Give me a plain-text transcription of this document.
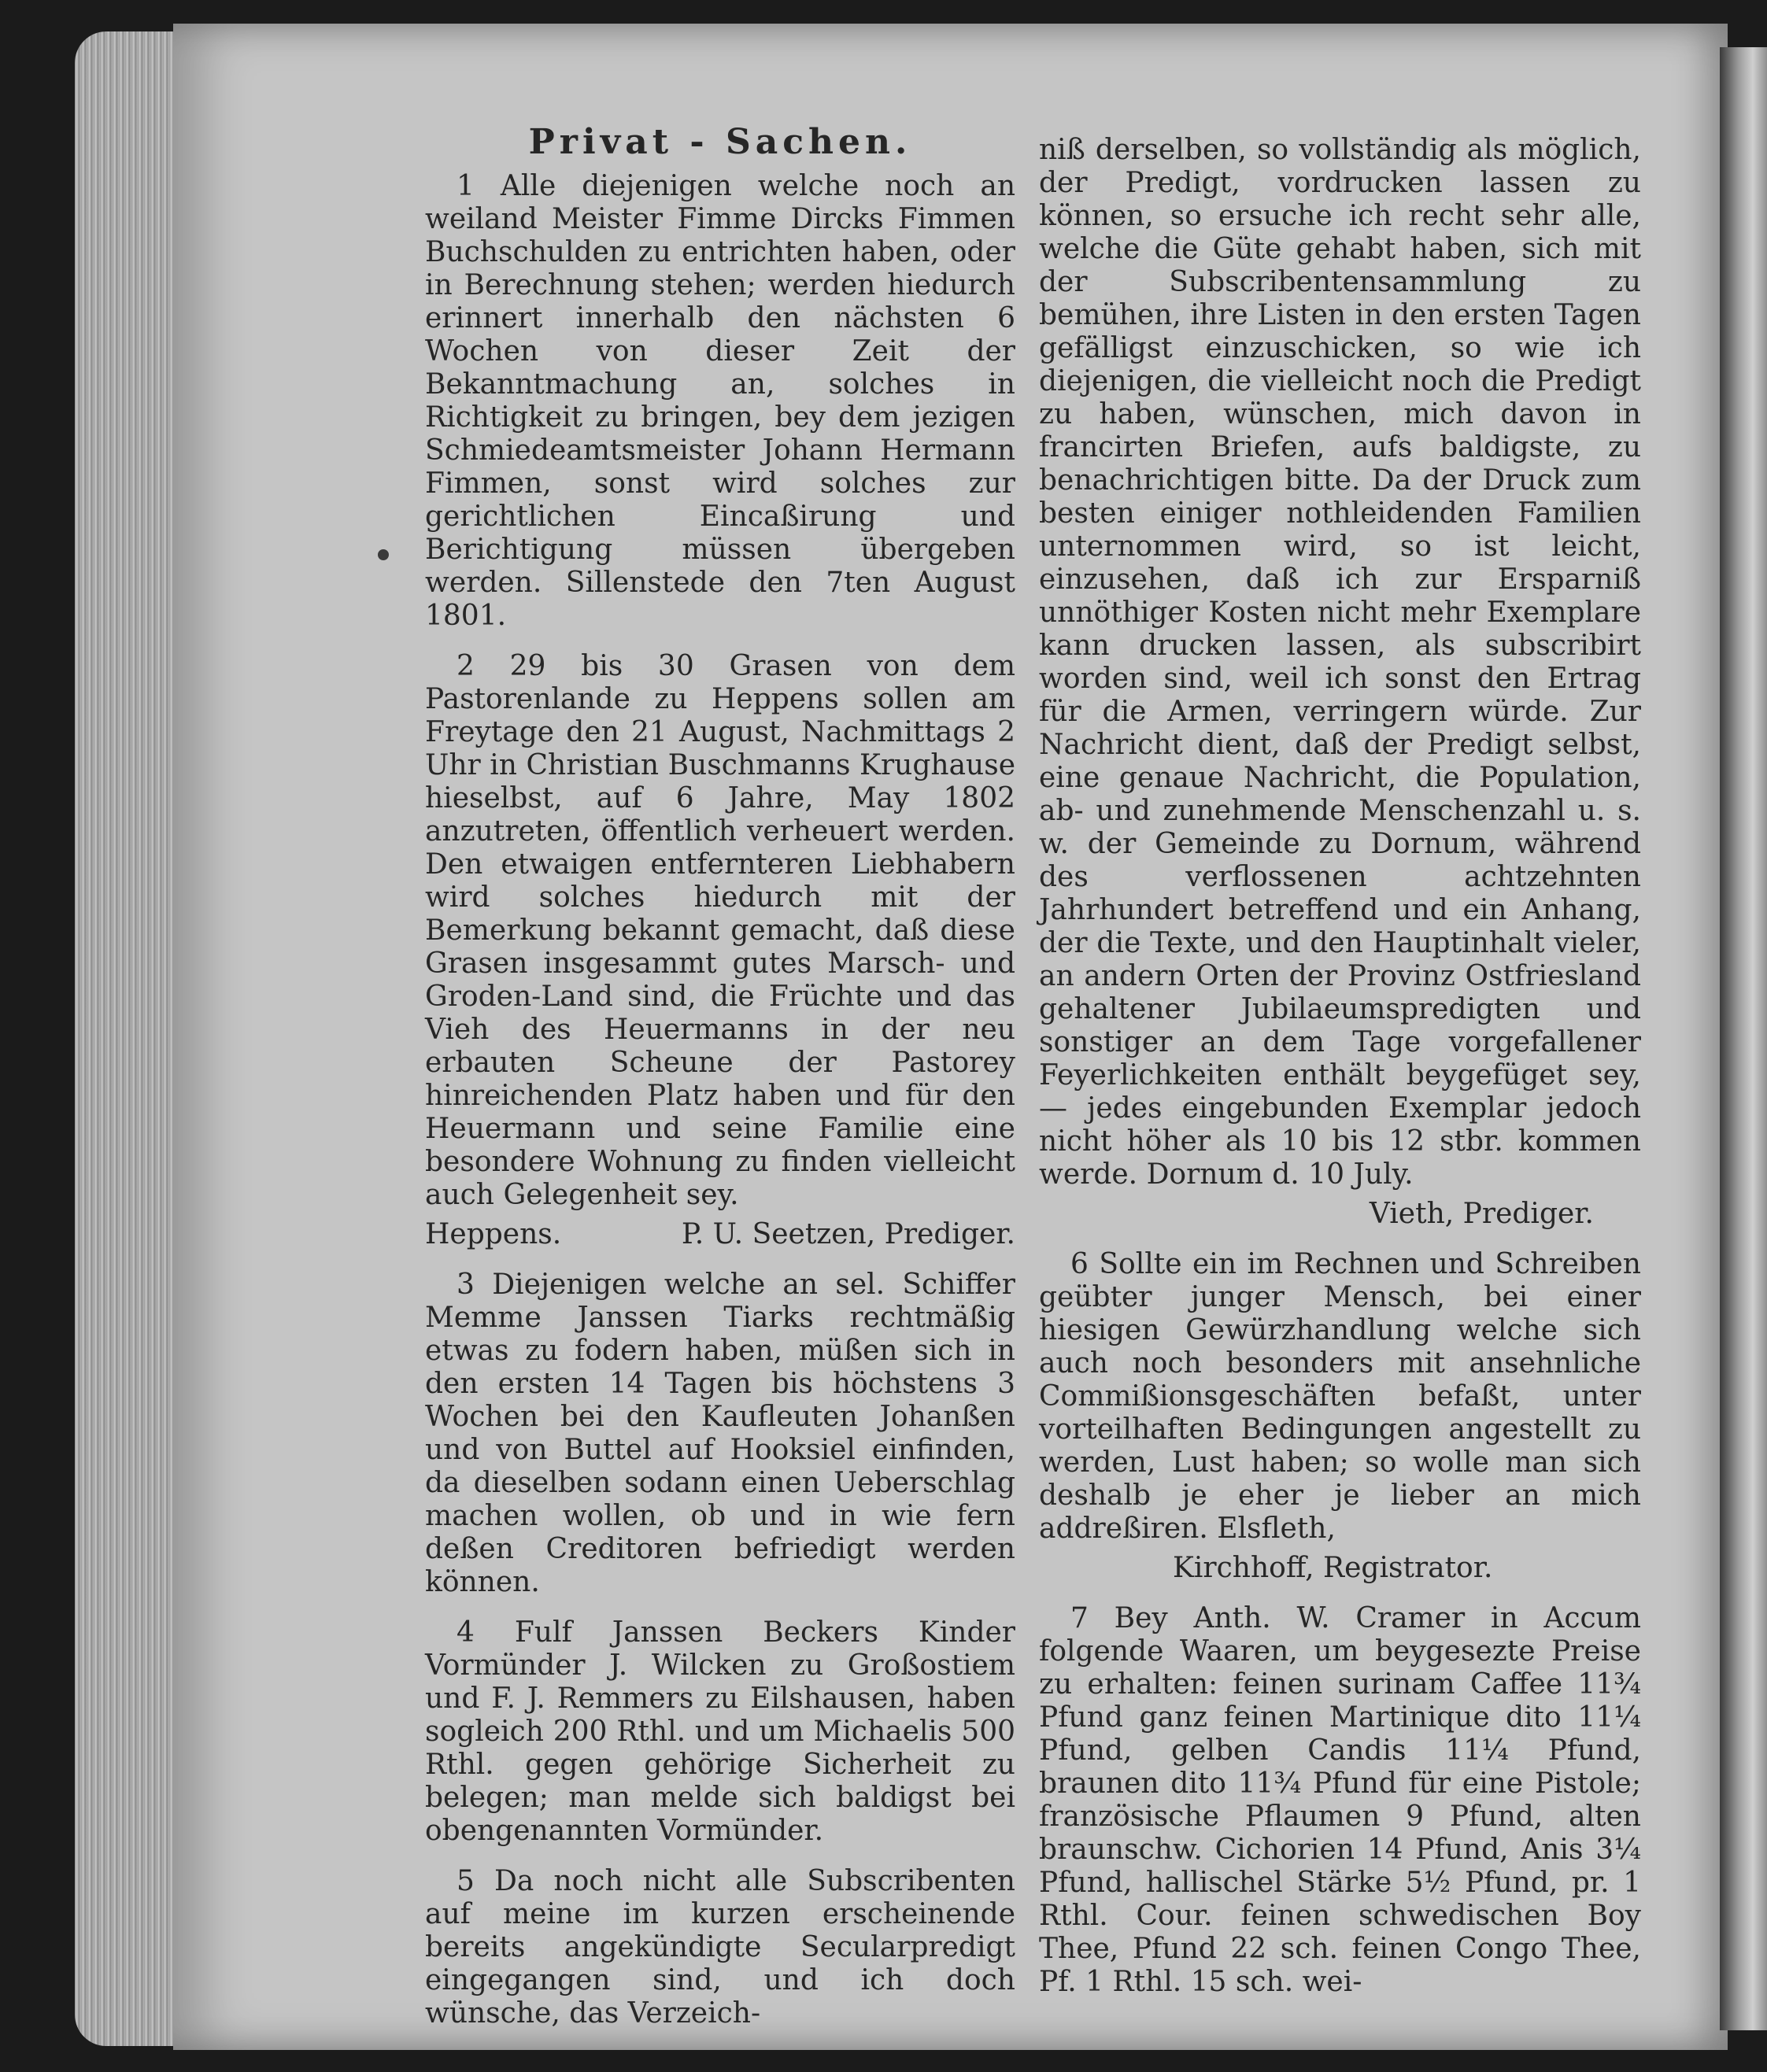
Privat - Sachen.

1 Alle diejenigen welche noch an weiland Meister Fimme Dircks Fimmen Buchschulden zu entrichten haben, oder in Berechnung stehen; werden hiedurch erinnert innerhalb den nächsten 6 Wochen von dieser Zeit der Bekanntmachung an, solches in Richtigkeit zu bringen, bey dem jezigen Schmiedeamtsmeister Johann Hermann Fimmen, sonst wird solches zur gerichtlichen Eincaßirung und Berichtigung müssen übergeben werden. Sillenstede den 7ten August 1801.

2 29 bis 30 Grasen von dem Pastorenlande zu Heppens sollen am Freytage den 21 August, Nachmittags 2 Uhr in Christian Buschmanns Krughause hieselbst, auf 6 Jahre, May 1802 anzutreten, öffentlich verheuert werden. Den etwaigen entfernteren Liebhabern wird solches hiedurch mit der Bemerkung bekannt gemacht, daß diese Grasen insgesammt gutes Marsch- und Groden-Land sind, die Früchte und das Vieh des Heuermanns in der neu erbauten Scheune der Pastorey hinreichenden Platz haben und für den Heuermann und seine Familie eine besondere Wohnung zu finden vielleicht auch Gelegenheit sey.

Heppens.	P. U. Seetzen, Prediger.

3 Diejenigen welche an sel. Schiffer Memme Janssen Tiarks rechtmäßig etwas zu fodern haben, müßen sich in den ersten 14 Tagen bis höchstens 3 Wochen bei den Kaufleuten Johanßen und von Buttel auf Hooksiel einfinden, da dieselben sodann einen Ueberschlag machen wollen, ob und in wie fern deßen Creditoren befriedigt werden können.

4 Fulf Janssen Beckers Kinder Vormünder J. Wilcken zu Großostiem und F. J. Remmers zu Eilshausen, haben sogleich 200 Rthl. und um Michaelis 500 Rthl. gegen gehörige Sicherheit zu belegen; man melde sich baldigst bei obengenannten Vormünder.

5 Da noch nicht alle Subscribenten auf meine im kurzen erscheinende bereits angekündigte Secularpredigt eingegangen sind, und ich doch wünsche, das Verzeich-

niß derselben, so vollständig als möglich, der Predigt, vordrucken lassen zu können, so ersuche ich recht sehr alle, welche die Güte gehabt haben, sich mit der Subscribentensammlung zu bemühen, ihre Listen in den ersten Tagen gefälligst einzuschicken, so wie ich diejenigen, die vielleicht noch die Predigt zu haben, wünschen, mich davon in francirten Briefen, aufs baldigste, zu benachrichtigen bitte. Da der Druck zum besten einiger nothleidenden Familien unternommen wird, so ist leicht, einzusehen, daß ich zur Ersparniß unnöthiger Kosten nicht mehr Exemplare kann drucken lassen, als subscribirt worden sind, weil ich sonst den Ertrag für die Armen, verringern würde. Zur Nachricht dient, daß der Predigt selbst, eine genaue Nachricht, die Population, ab- und zunehmende Menschenzahl u. s. w. der Gemeinde zu Dornum, während des verflossenen achtzehnten Jahrhundert betreffend und ein Anhang, der die Texte, und den Hauptinhalt vieler, an andern Orten der Provinz Ostfriesland gehaltener Jubilaeumspredigten und sonstiger an dem Tage vorgefallener Feyerlichkeiten enthält beygefüget sey, — jedes eingebunden Exemplar jedoch nicht höher als 10 bis 12 stbr. kommen werde. Dornum d. 10 July.

Vieth, Prediger.

6 Sollte ein im Rechnen und Schreiben geübter junger Mensch, bei einer hiesigen Gewürzhandlung welche sich auch noch besonders mit ansehnliche Commißionsgeschäften befaßt, unter vorteilhaften Bedingungen angestellt zu werden, Lust haben; so wolle man sich deshalb je eher je lieber an mich addreßiren. Elsfleth,

Kirchhoff, Registrator.

7 Bey Anth. W. Cramer in Accum folgende Waaren, um beygesezte Preise zu erhalten: feinen surinam Caffee 11¾ Pfund ganz feinen Martinique dito 11¼ Pfund, gelben Candis 11¼ Pfund, braunen dito 11¾ Pfund für eine Pistole; französische Pflaumen 9 Pfund, alten braunschw. Cichorien 14 Pfund, Anis 3¼ Pfund, hallischel Stärke 5½ Pfund, pr. 1 Rthl. Cour. feinen schwedischen Boy Thee, Pfund 22 sch. feinen Congo Thee, Pf. 1 Rthl. 15 sch. wei-
